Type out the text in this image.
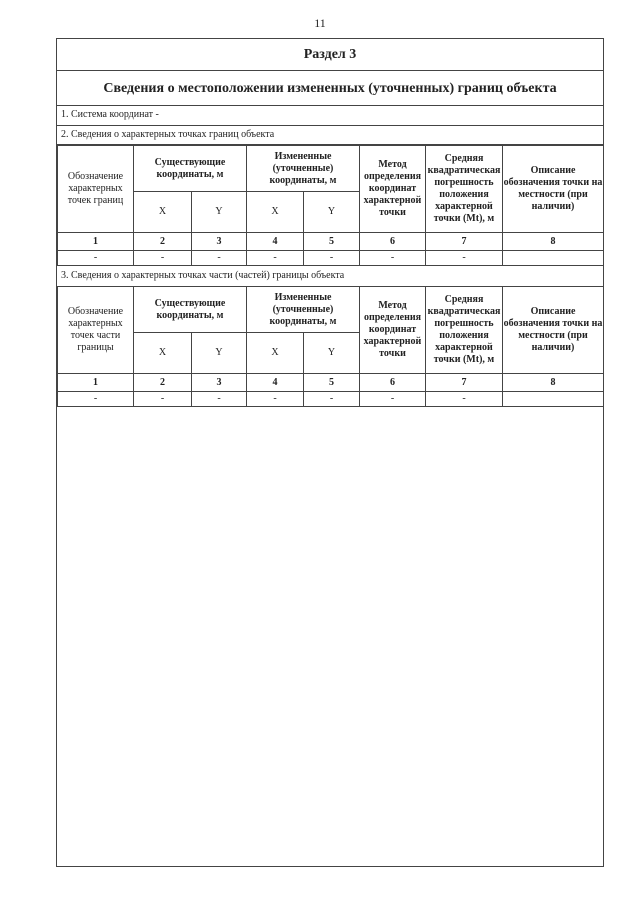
11
Раздел 3
Сведения о местоположении измененных (уточненных) границ объекта
1. Система координат -
2. Сведения о характерных точках границ объекта
Обозначение характерных точек границ	Существующие координаты, м		Измененные (уточненные) координаты, м		Метод определения координат характерной точки	Средняя квадратическая погрешность положения характерной точки (Mt), м	Описание обозначения точки на местности (при наличии)
	X	Y	X	Y			
1	2	3	4	5	6	7	8
-	-	-	-	-	-	-	
3. Сведения о характерных точках части (частей) границы объекта
Обозначение характерных точек части границы	Существующие координаты, м		Измененные (уточненные) координаты, м		Метод определения координат характерной точки	Средняя квадратическая погрешность положения характерной точки (Mt), м	Описание обозначения точки на местности (при наличии)
	X	Y	X	Y			
1	2	3	4	5	6	7	8
-	-	-	-	-	-	-	
